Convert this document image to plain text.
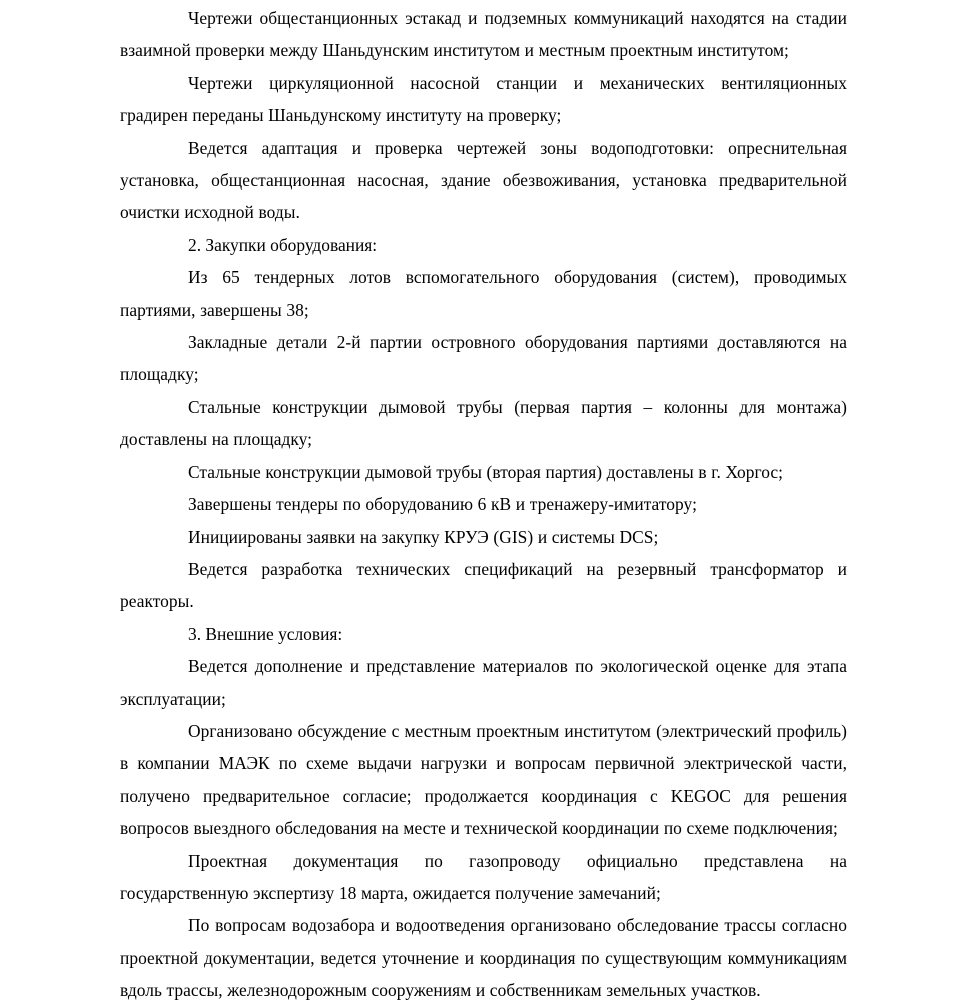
Чертежи общестанционных эстакад и подземных коммуникаций находятся на стадии взаимной проверки между Шаньдунским институтом и местным проектным институтом;

Чертежи циркуляционной насосной станции и механических вентиляционных градирен переданы Шаньдунскому институту на проверку;

Ведется адаптация и проверка чертежей зоны водоподготовки: опреснительная установка, общестанционная насосная, здание обезвоживания, установка предварительной очистки исходной воды.

2. Закупки оборудования:

Из 65 тендерных лотов вспомогательного оборудования (систем), проводимых партиями, завершены 38;

Закладные детали 2-й партии островного оборудования партиями доставляются на площадку;

Стальные конструкции дымовой трубы (первая партия – колонны для монтажа) доставлены на площадку;

Стальные конструкции дымовой трубы (вторая партия) доставлены в г. Хоргос;

Завершены тендеры по оборудованию 6 кВ и тренажеру-имитатору;

Инициированы заявки на закупку КРУЭ (GIS) и системы DCS;

Ведется разработка технических спецификаций на резервный трансформатор и реакторы.

3. Внешние условия:

Ведется дополнение и представление материалов по экологической оценке для этапа эксплуатации;

Организовано обсуждение с местным проектным институтом (электрический профиль) в компании МАЭК по схеме выдачи нагрузки и вопросам первичной электрической части, получено предварительное согласие; продолжается координация с KEGOC для решения вопросов выездного обследования на месте и технической координации по схеме подключения;

Проектная документация по газопроводу официально представлена на государственную экспертизу 18 марта, ожидается получение замечаний;

По вопросам водозабора и водоотведения организовано обследование трассы согласно проектной документации, ведется уточнение и координация по существующим коммуникациям вдоль трассы, железнодорожным сооружениям и собственникам земельных участков.
